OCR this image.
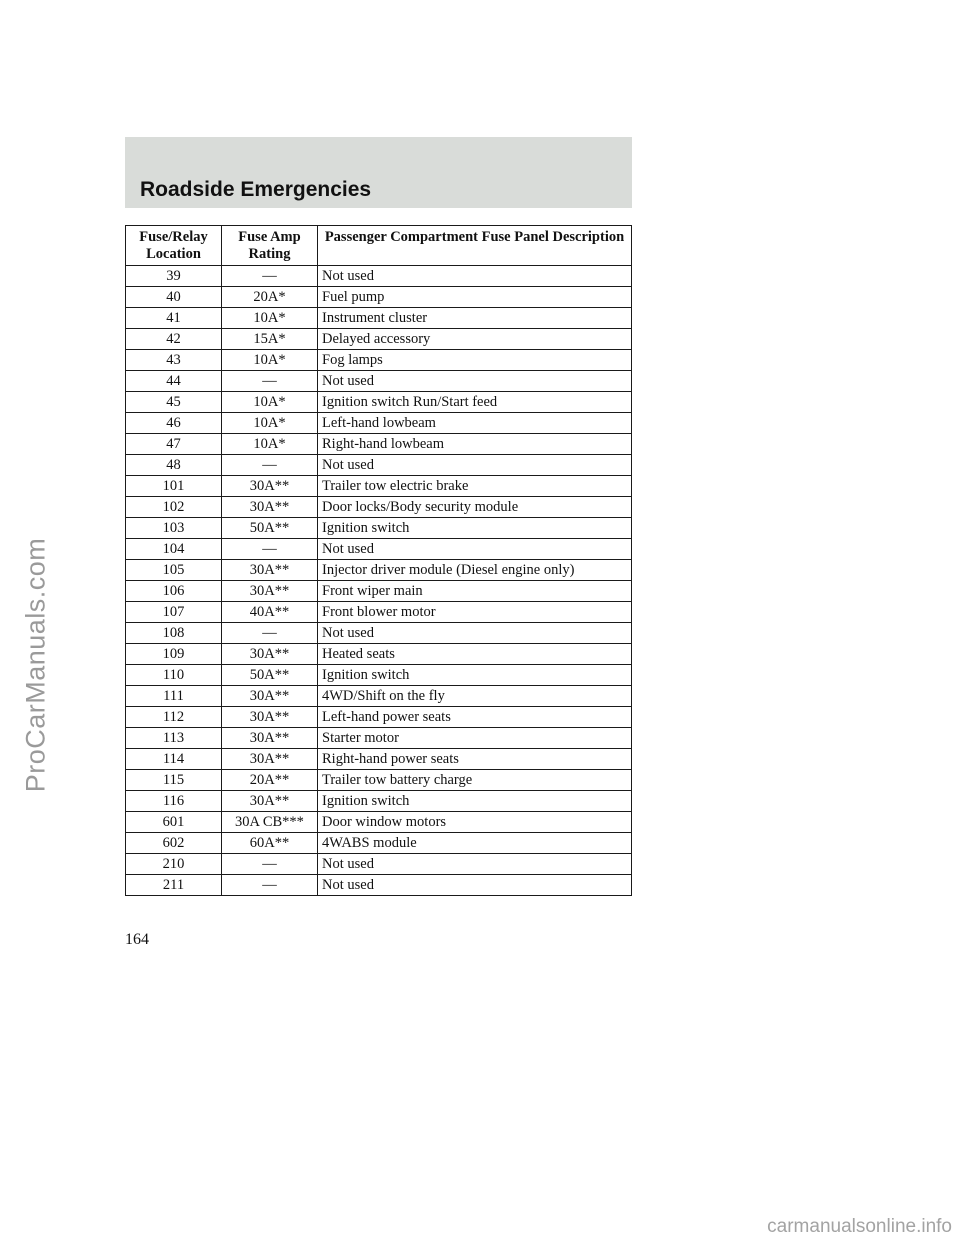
ProCarManuals.com
Roadside Emergencies
Fuse/Relay Location	Fuse Amp Rating	Passenger Compartment Fuse Panel Description
39	—	Not used
40	20A*	Fuel pump
41	10A*	Instrument cluster
42	15A*	Delayed accessory
43	10A*	Fog lamps
44	—	Not used
45	10A*	Ignition switch Run/Start feed
46	10A*	Left-hand lowbeam
47	10A*	Right-hand lowbeam
48	—	Not used
101	30A**	Trailer tow electric brake
102	30A**	Door locks/Body security module
103	50A**	Ignition switch
104	—	Not used
105	30A**	Injector driver module (Diesel engine only)
106	30A**	Front wiper main
107	40A**	Front blower motor
108	—	Not used
109	30A**	Heated seats
110	50A**	Ignition switch
111	30A**	4WD/Shift on the fly
112	30A**	Left-hand power seats
113	30A**	Starter motor
114	30A**	Right-hand power seats
115	20A**	Trailer tow battery charge
116	30A**	Ignition switch
601	30A CB***	Door window motors
602	60A**	4WABS module
210	—	Not used
211	—	Not used
164
carmanualsonline.info
